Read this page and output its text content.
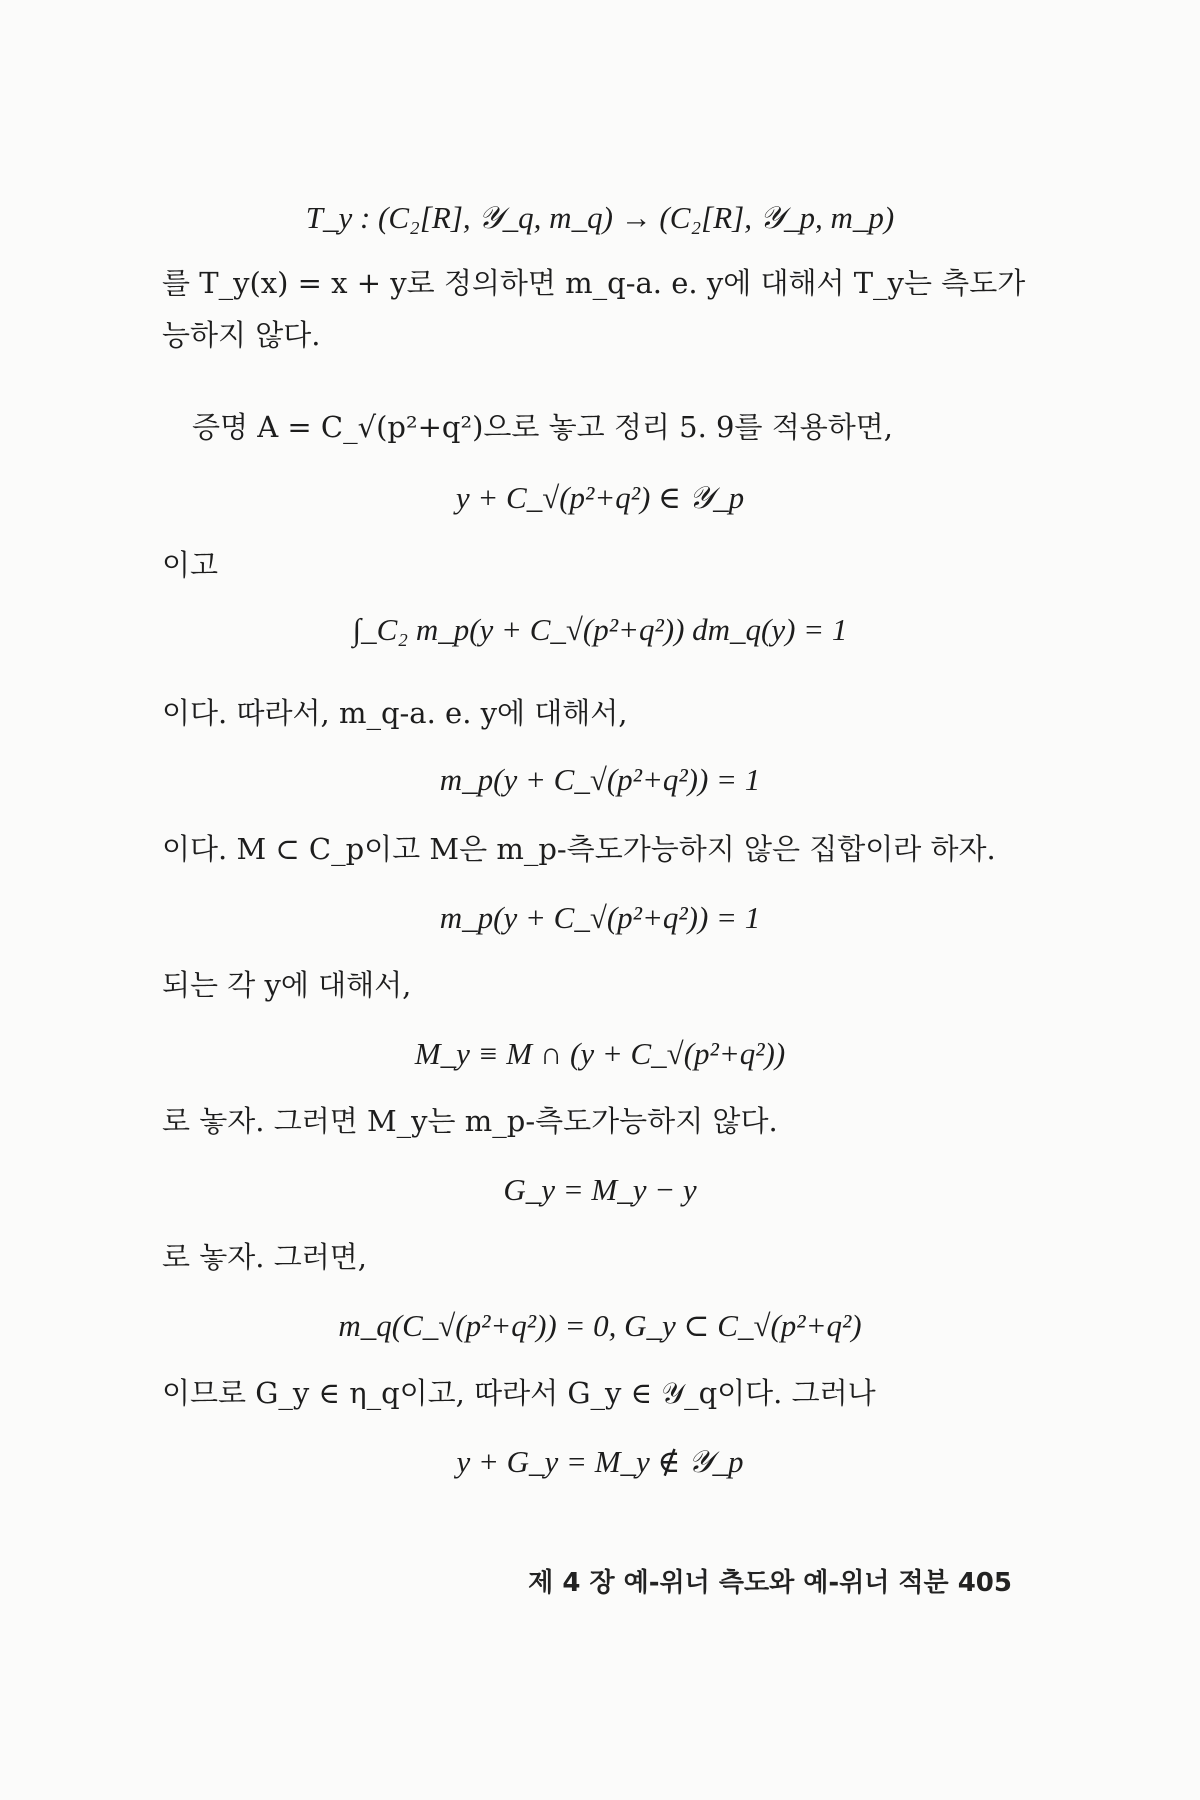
T_y : (C₂[R], 𝒴_q, m_q) → (C₂[R], 𝒴_p, m_p)
를 T_y(x) = x + y로 정의하면 m_q-a. e. y에 대해서 T_y는 측도가
능하지 않다.
증명 A = C_√(p²+q²)으로 놓고 정리 5. 9를 적용하면,
y + C_√(p²+q²) ∈ 𝒴_p
이고
∫_C₂ m_p(y + C_√(p²+q²)) dm_q(y) = 1
이다. 따라서, m_q-a. e. y에 대해서,
m_p(y + C_√(p²+q²)) = 1
이다. M ⊂ C_p이고 M은 m_p-측도가능하지 않은 집합이라 하자.
m_p(y + C_√(p²+q²)) = 1
되는 각 y에 대해서,
M_y ≡ M ∩ (y + C_√(p²+q²))
로 놓자. 그러면 M_y는 m_p-측도가능하지 않다.
G_y = M_y − y
로 놓자. 그러면,
m_q(C_√(p²+q²)) = 0, G_y ⊂ C_√(p²+q²)
이므로 G_y ∈ η_q이고, 따라서 G_y ∈ 𝒴_q이다. 그러나
y + G_y = M_y ∉ 𝒴_p
제 4 장 예-위너 측도와 예-위너 적분 405
